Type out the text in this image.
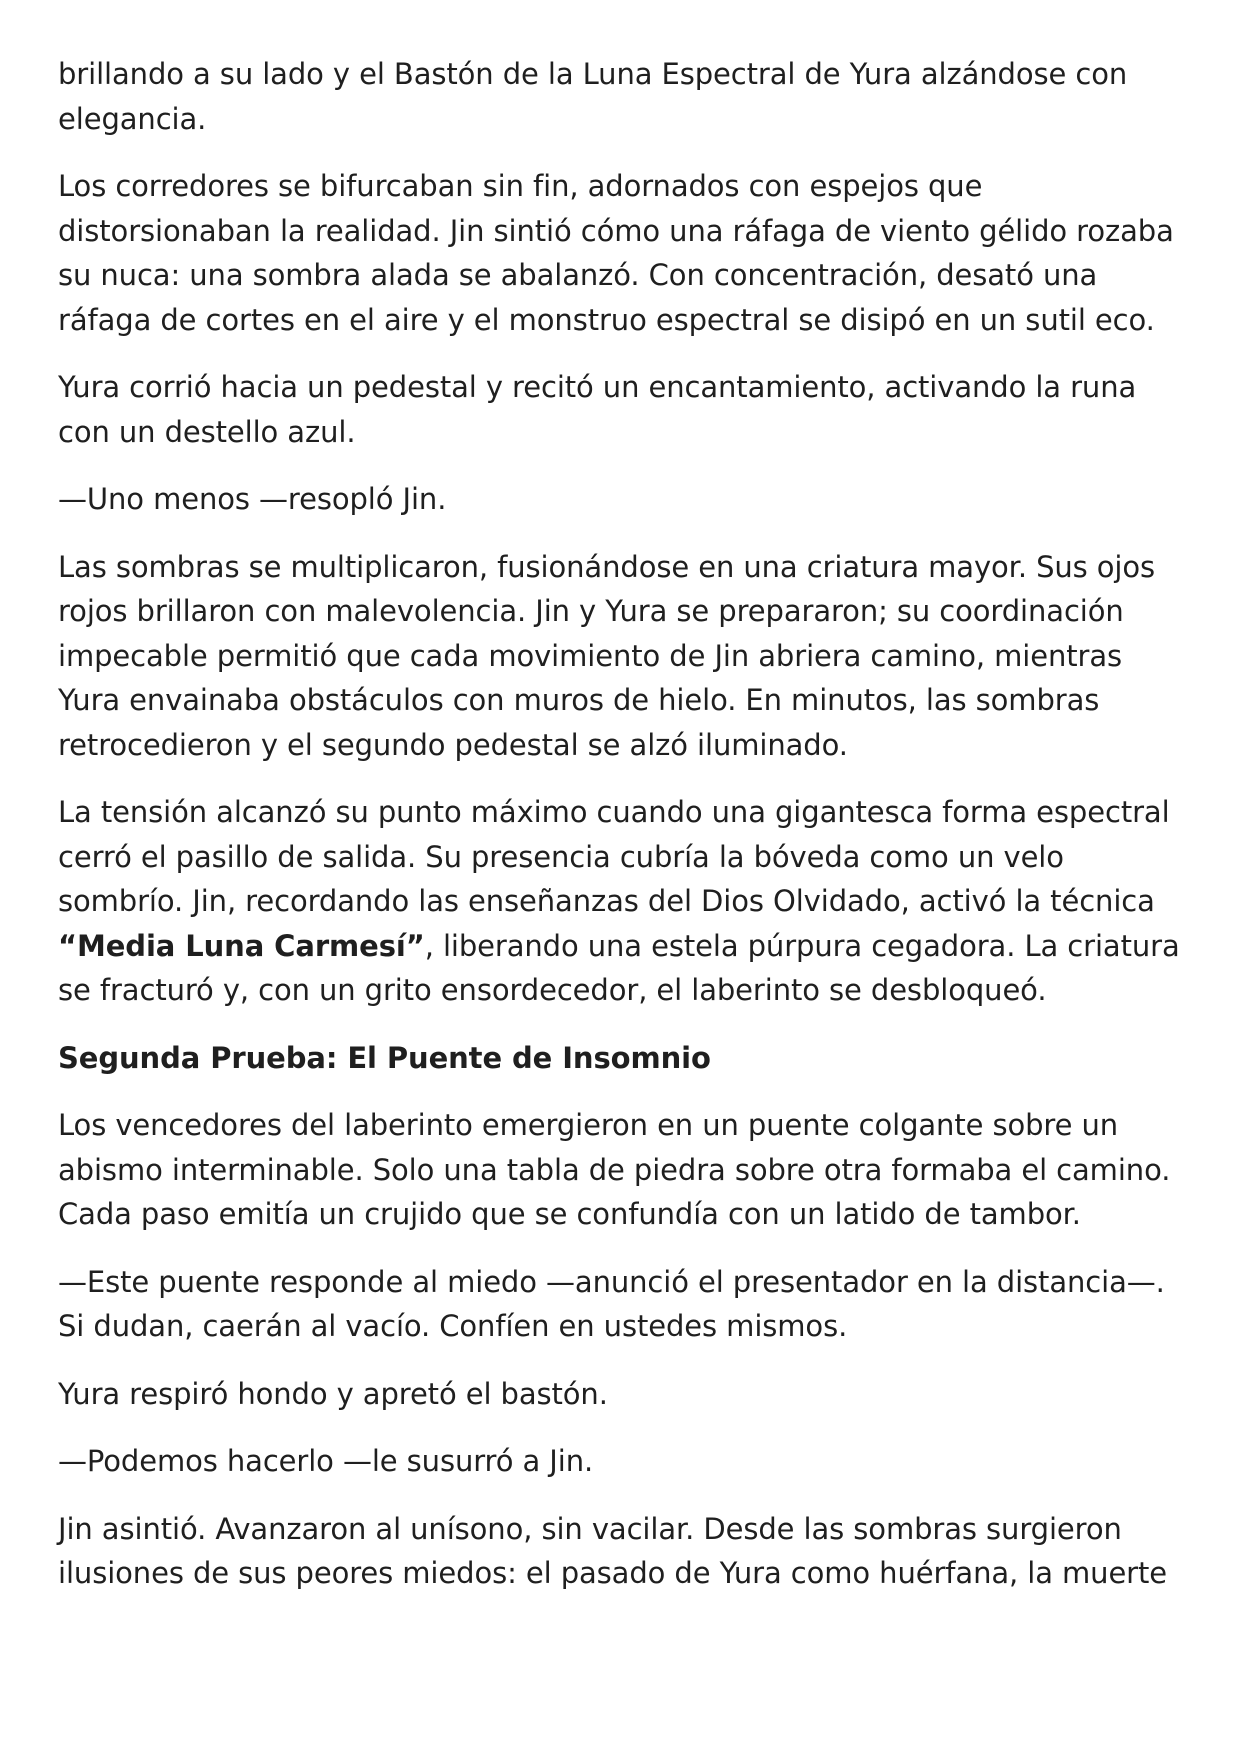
brillando a su lado y el Bastón de la Luna Espectral de Yura alzándose con
elegancia.

Los corredores se bifurcaban sin fin, adornados con espejos que
distorsionaban la realidad. Jin sintió cómo una ráfaga de viento gélido rozaba
su nuca: una sombra alada se abalanzó. Con concentración, desató una
ráfaga de cortes en el aire y el monstruo espectral se disipó en un sutil eco.

Yura corrió hacia un pedestal y recitó un encantamiento, activando la runa
con un destello azul.

—Uno menos —resopló Jin.

Las sombras se multiplicaron, fusionándose en una criatura mayor. Sus ojos
rojos brillaron con malevolencia. Jin y Yura se prepararon; su coordinación
impecable permitió que cada movimiento de Jin abriera camino, mientras
Yura envainaba obstáculos con muros de hielo. En minutos, las sombras
retrocedieron y el segundo pedestal se alzó iluminado.

La tensión alcanzó su punto máximo cuando una gigantesca forma espectral
cerró el pasillo de salida. Su presencia cubría la bóveda como un velo
sombrío. Jin, recordando las enseñanzas del Dios Olvidado, activó la técnica
“Media Luna Carmesí”, liberando una estela púrpura cegadora. La criatura
se fracturó y, con un grito ensordecedor, el laberinto se desbloqueó.

Segunda Prueba: El Puente de Insomnio

Los vencedores del laberinto emergieron en un puente colgante sobre un
abismo interminable. Solo una tabla de piedra sobre otra formaba el camino.
Cada paso emitía un crujido que se confundía con un latido de tambor.

—Este puente responde al miedo —anunció el presentador en la distancia—.
Si dudan, caerán al vacío. Confíen en ustedes mismos.

Yura respiró hondo y apretó el bastón.

—Podemos hacerlo —le susurró a Jin.

Jin asintió. Avanzaron al unísono, sin vacilar. Desde las sombras surgieron
ilusiones de sus peores miedos: el pasado de Yura como huérfana, la muerte
